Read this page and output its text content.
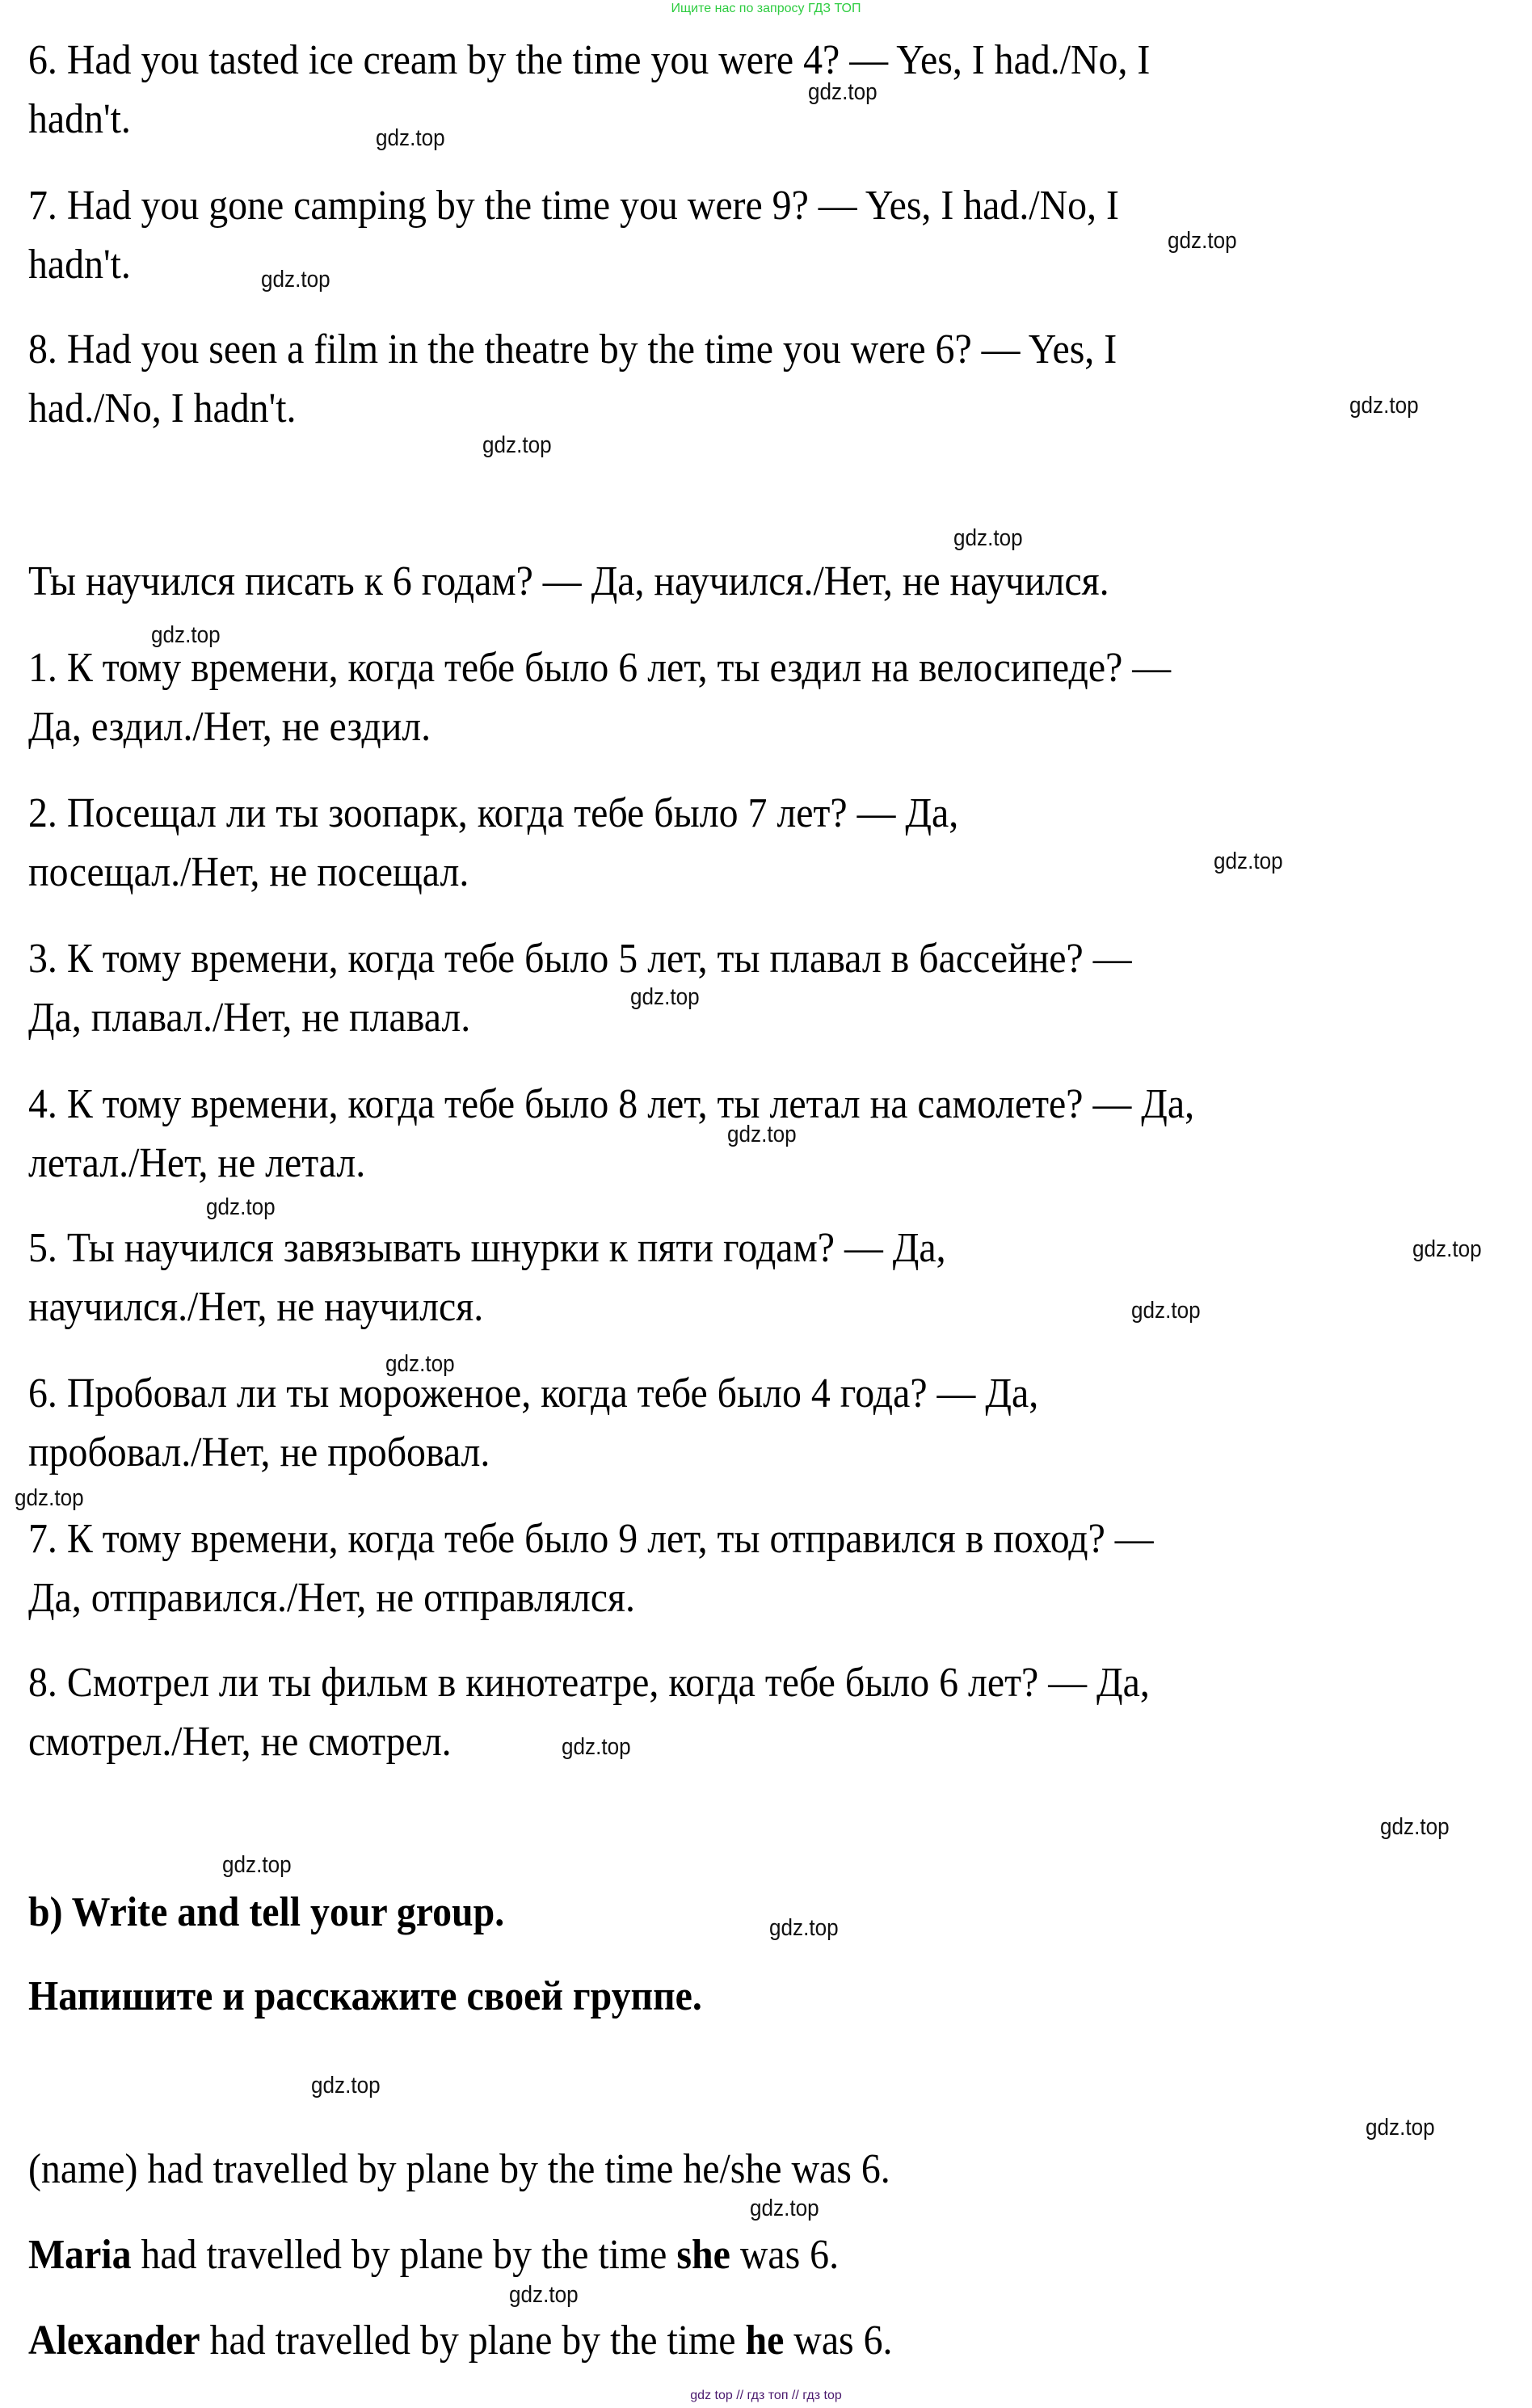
Ищите нас по запросу ГДЗ ТОП
6. Had you tasted ice cream by the time you were 4? — Yes, I had./No, I
hadn't.
7. Had you gone camping by the time you were 9? — Yes, I had./No, I
hadn't.
8. Had you seen a film in the theatre by the time you were 6? — Yes, I
had./No, I hadn't.
Ты научился писать к 6 годам? — Да, научился./Нет, не научился.
1. К тому времени, когда тебе было 6 лет, ты ездил на велосипеде? —
Да, ездил./Нет, не ездил.
2. Посещал ли ты зоопарк, когда тебе было 7 лет? — Да,
посещал./Нет, не посещал.
3. К тому времени, когда тебе было 5 лет, ты плавал в бассейне? —
Да, плавал./Нет, не плавал.
4. К тому времени, когда тебе было 8 лет, ты летал на самолете? — Да,
летал./Нет, не летал.
5. Ты научился завязывать шнурки к пяти годам? — Да,
научился./Нет, не научился.
6. Пробовал ли ты мороженое, когда тебе было 4 года? — Да,
пробовал./Нет, не пробовал.
7. К тому времени, когда тебе было 9 лет, ты отправился в поход? —
Да, отправился./Нет, не отправлялся.
8. Смотрел ли ты фильм в кинотеатре, когда тебе было 6 лет? — Да,
смотрел./Нет, не смотрел.
b) Write and tell your group.
Напишите и расскажите своей группе.
(name) had travelled by plane by the time he/she was 6.
Maria had travelled by plane by the time she was 6.
Alexander had travelled by plane by the time he was 6.
gdz.top
gdz.top
gdz.top
gdz.top
gdz.top
gdz.top
gdz.top
gdz.top
gdz.top
gdz.top
gdz.top
gdz.top
gdz.top
gdz.top
gdz.top
gdz.top
gdz.top
gdz.top
gdz.top
gdz.top
gdz.top
gdz.top
gdz.top
gdz.top
gdz top // гдз топ // гдз top
